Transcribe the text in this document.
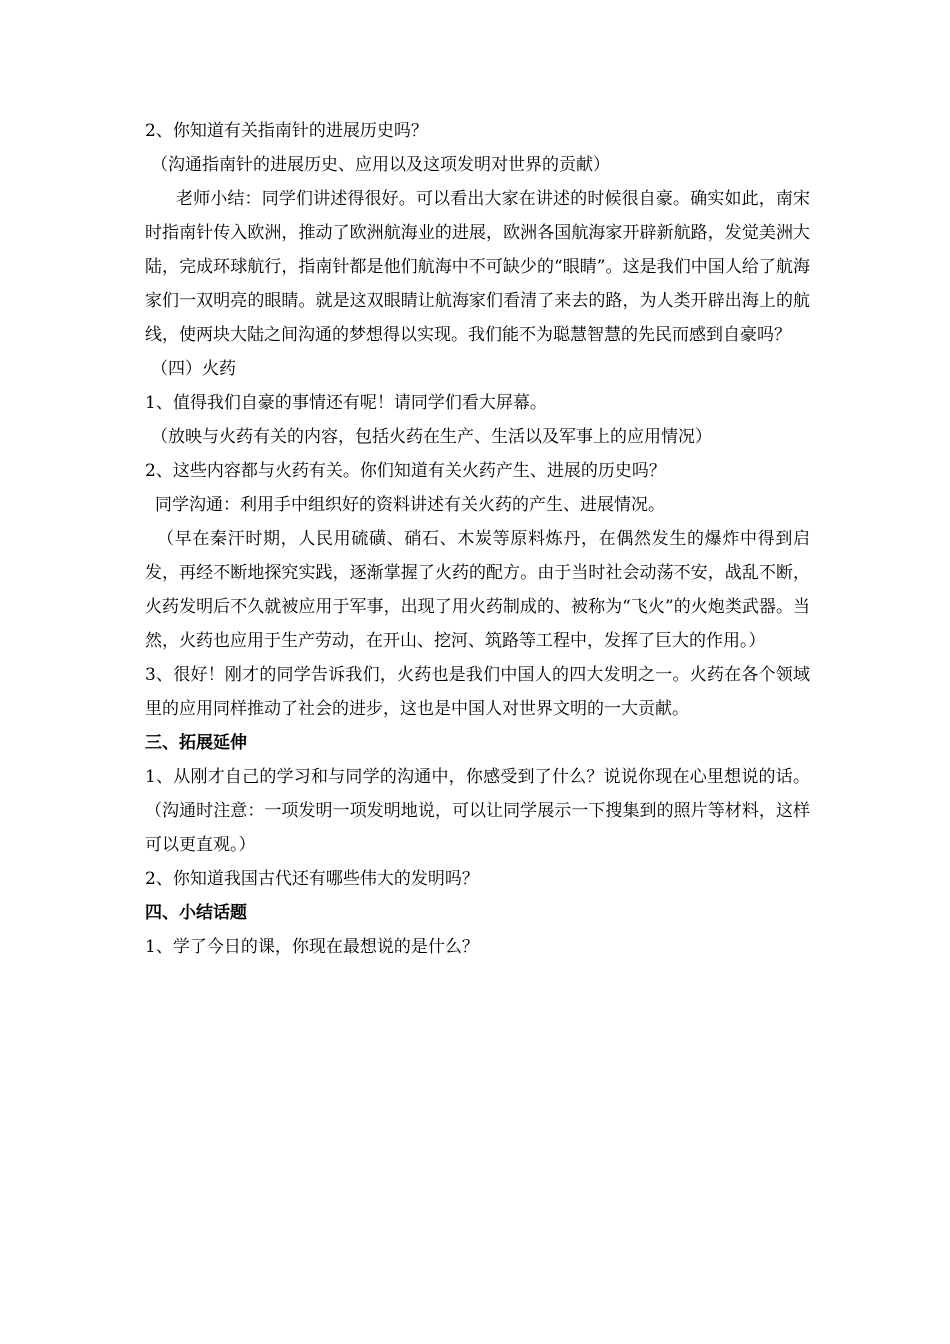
2、你知道有关指南针的进展历史吗？

（沟通指南针的进展历史、应用以及这项发明对世界的贡献）

老师小结：同学们讲述得很好。可以看出大家在讲述的时候很自豪。确实如此，南宋时指南针传入欧洲，推动了欧洲航海业的进展，欧洲各国航海家开辟新航路，发觉美洲大陆，完成环球航行，指南针都是他们航海中不可缺少的“眼睛”。这是我们中国人给了航海家们一双明亮的眼睛。就是这双眼睛让航海家们看清了来去的路，为人类开辟出海上的航线，使两块大陆之间沟通的梦想得以实现。我们能不为聪慧智慧的先民而感到自豪吗？

（四）火药

1、值得我们自豪的事情还有呢！请同学们看大屏幕。

（放映与火药有关的内容，包括火药在生产、生活以及军事上的应用情况）

2、这些内容都与火药有关。你们知道有关火药产生、进展的历史吗？

同学沟通：利用手中组织好的资料讲述有关火药的产生、进展情况。

（早在秦汗时期，人民用硫磺、硝石、木炭等原料炼丹，在偶然发生的爆炸中得到启发，再经不断地探究实践，逐渐掌握了火药的配方。由于当时社会动荡不安，战乱不断，火药发明后不久就被应用于军事，出现了用火药制成的、被称为“飞火”的火炮类武器。当然，火药也应用于生产劳动，在开山、挖河、筑路等工程中，发挥了巨大的作用。）

3、很好！刚才的同学告诉我们，火药也是我们中国人的四大发明之一。火药在各个领域里的应用同样推动了社会的进步，这也是中国人对世界文明的一大贡献。

三、拓展延伸

1、从刚才自己的学习和与同学的沟通中，你感受到了什么？说说你现在心里想说的话。   （沟通时注意：一项发明一项发明地说，可以让同学展示一下搜集到的照片等材料，这样可以更直观。）

2、你知道我国古代还有哪些伟大的发明吗？

四、小结话题

1、学了今日的课，你现在最想说的是什么？
